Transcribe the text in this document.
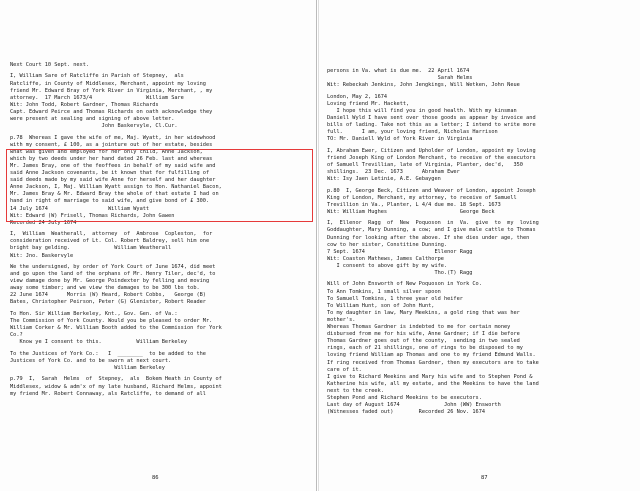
Next Court 10 Sept. next.
I, William Sare of Ratcliffe in Parish of Stepney,  als
Ratcliffe, in County of Middlesex, Merchant, appoint my loving
friend Mr. Edward Bray of York River in Virginia, Merchant, , my
attorney.  17 March 1673/4                 William Sare
Wit: John Todd, Robert Gardner, Thomas Richards
Capt. Edward Peirce and Thomas Richards on oath acknowledge they
were present at sealing and signing of above letter.
John Baskervyle, Cl.Cur.
p.78  Whereas I gave the wife of me, Maj. Wyatt, in her widowhood
with my consent, £ 100, as a jointure out of her estate, besides
what was given and employed for her only child, Anne Jackson,
which by two deeds under her hand dated 26 Feb. last and whereas
Mr. James Bray, one of the feoffees in behalf of my said wife and
said Anne Jackson covenants, be it known that for fulfilling of
said deeds made by my said wife Anne for herself and her daughter
Anne Jackson, I, Maj. William Wyatt assign to Hon. Nathaniel Bacon,
Mr. James Bray & Mr. Edward Bray the whole of that estate I had on
hand in right of marriage to said wife, and give bond of £ 300.
14 July 1674                   William Wyatt
Wit: Edward (W) Frisell, Thomas Richards, John Gawen
Recorded 24 July 1674
I,  William  Weatherall,  attorney  of  Ambrose  Copleston,  for
consideration received of Lt. Col. Robert Baldrey, sell him one
bright bay gelding.              William Weatherall
Wit: Jno. Baskervyle
We the undersigned, by order of York Court of June 1674, did meet
and go upon the land of the orphans of Mr. Henry Tiler, dec'd, to
view damage done by Mr. George Poindexter by felling and moving
away some timber; and we view the damages to be 300 lbs tob.
22 June 1674      Morris (W) Heard, Robert Cobbs,   George (B)
Bates, Christopher Peirson, Peter (G) Glenister, Robert Reader
To Hon. Sir William Berkeley, Knt., Gov. Gen. of Va.:
The Commission of York County. Would you be pleased to order Mr.
William Corker & Mr. William Booth added to the Commission for York
Co.?
Know ye I consent to this.           William Berkeley
To the Justices of York Co.:   I  ________  to be added to the
Justices of York Co. and to be sworn at next court.
William Berkeley
p.79  I,  Sarah  Helms  of  Stepney,  als  Bokem Heath in County of
Middlesex, widow & adm'x of my late husband, Richard Helms, appoint
my friend Mr. Robert Connaway, als Ratcliffe, to demand of all
86
persons in Va. what is due me.  22 April 1674
Sarah Helms
Wit: Rebeckah Jenkins, John Jengkings, Will Wetken, John Neue
London, May 2, 1674
Loving friend Mr. Hackett,
I hope this will find you in good health. With my kinsman
Daniell Wyld I have sent over those goods as appear by invoice and
bills of lading. Take not this as a letter; I intend to write more
full.      I am, your loving friend, Nicholas Harrison
TO: Mr. Daniell Wyld of York River in Virginia
I, Abraham Ewer, Citizen and Upholder of London, appoint my loving
friend Joseph King of London Merchant, to receive of the executors
of Samuell Trevillian, late of Virginia, Planter, dec'd,   350
shillings.  23 Dec. 1673      Abraham Ewer
Wit: Isy Jaen Letinie, A.E. Gebaygen
p.80  I, George Beck, Citizen and Weaver of London, appoint Joseph
King of London, Merchant, my attorney, to receive of Samuell
Trevillion in Va., Planter, L 4/4 due me. 18 Sept. 1673
Wit: William Hughes                       George Beck
I,  Ellenor  Ragg  of  New  Poquoson  in  Va.  give  to  my  loving
Goddaughter, Mary Dunning, a cow; and I give male cattle to Thomas
Dunning for looking after the above. If she dies under age, then
cow to her sister, Constitine Dunning.
7 Sept. 1674                      Ellenor Ragg
Wit: Coaston Mathews, James Calthorpe
I consent to above gift by my wife.
Tho.(T) Ragg
Will of John Ensworth of New Poquoson in York Co.
To Ann Tomkins, 1 small silver spoon
To Samuell Tomkins, 1 three year old heifer
To William Hunt, son of John Hunt,
To my daughter in law, Mary Meekins, a gold ring that was her
mother's.
Whereas Thomas Gardner is indebted to me for certain money
disbursed from me for his wife, Anne Gardner; if I die before
Thomas Gardner goes out of the county,  sending in two sealed
rings, each of 21 shillings, one of rings to be disposed to my
loving friend William ap Thomas and one to my friend Edmund Walls.
If ring received from Thomas Gardner, then my executors are to take
care of it.
I give to Richard Meekins and Mary his wife and to Stephen Pond &
Katherine his wife, all my estate, and the Meekins to have the land
next to the creek.
Stephen Pond and Richard Meekins to be executors.
Last day of August 1674              John (WW) Ensworth
(Witnesses faded out)        Recorded 26 Nov. 1674
87
